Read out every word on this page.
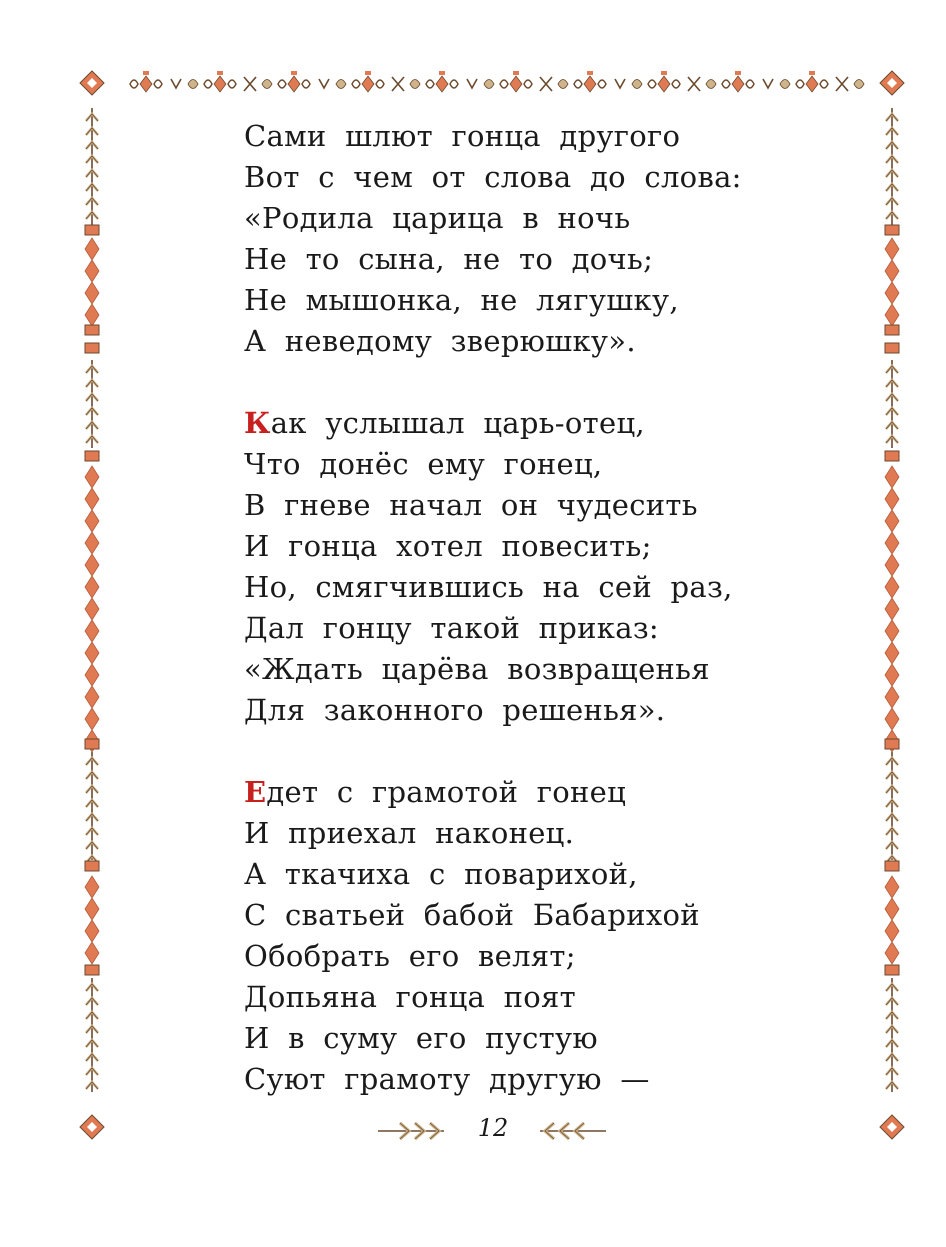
Сами шлют гонца другого
Вот с чем от слова до слова:
«Родила царица в ночь
Не то сына, не то дочь;
Не мышонка, не лягушку,
А неведому зверюшку».
Как услышал царь-отец,
Что донёс ему гонец,
В гневе начал он чудесить
И гонца хотел повесить;
Но, смягчившись на сей раз,
Дал гонцу такой приказ:
«Ждать царёва возвращенья
Для законного решенья».
Едет с грамотой гонец
И приехал наконец.
А ткачиха с поварихой,
С сватьей бабой Бабарихой
Обобрать его велят;
Допьяна гонца поят
И в суму его пустую
Суют грамоту другую —
12
